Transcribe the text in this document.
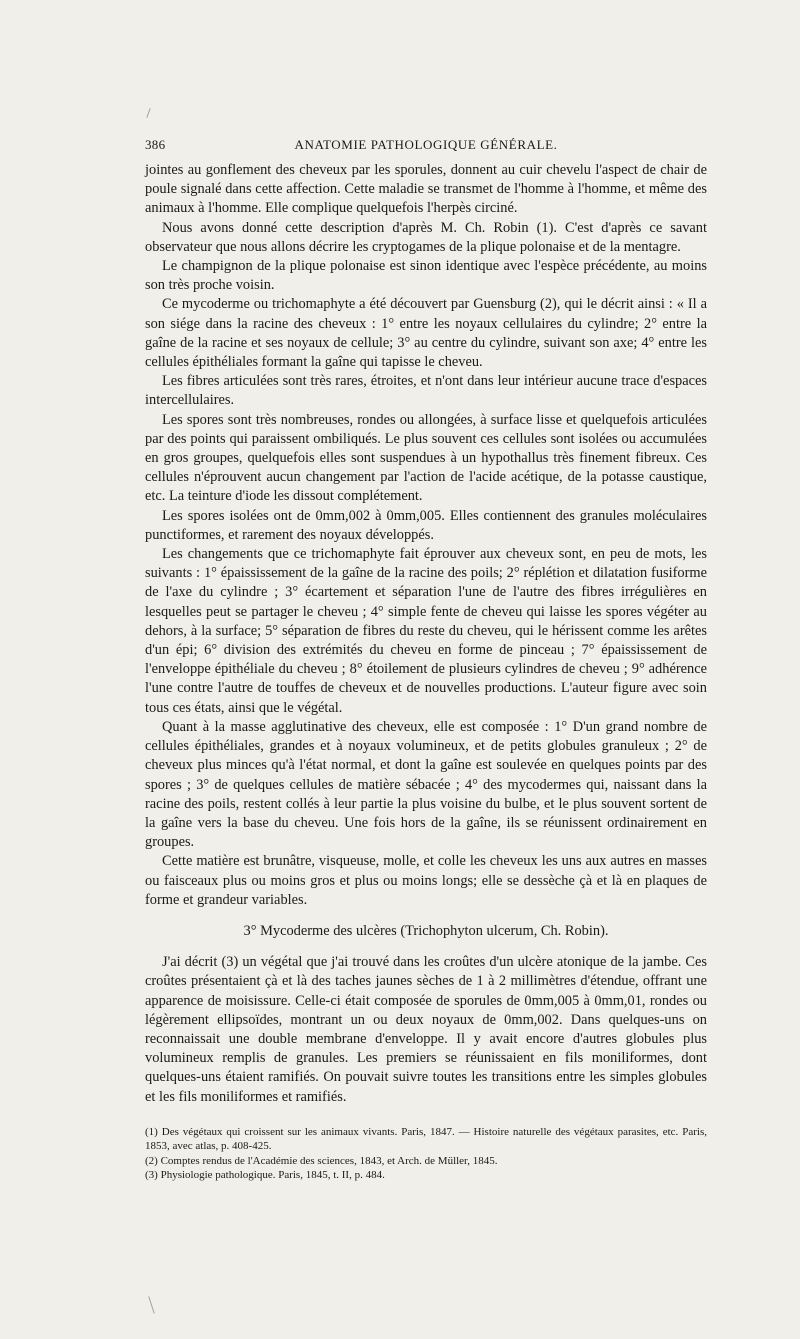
386	ANATOMIE PATHOLOGIQUE GÉNÉRALE.

jointes au gonflement des cheveux par les sporules, donnent au cuir chevelu l'aspect de chair de poule signalé dans cette affection. Cette maladie se transmet de l'homme à l'homme, et même des animaux à l'homme. Elle complique quelquefois l'herpès circiné.

Nous avons donné cette description d'après M. Ch. Robin (1). C'est d'après ce savant observateur que nous allons décrire les cryptogames de la plique polonaise et de la mentagre.

Le champignon de la plique polonaise est sinon identique avec l'espèce précédente, au moins son très proche voisin.

Ce mycoderme ou trichomaphyte a été découvert par Guensburg (2), qui le décrit ainsi : « Il a son siége dans la racine des cheveux : 1° entre les noyaux cellulaires du cylindre; 2° entre la gaîne de la racine et ses noyaux de cellule; 3° au centre du cylindre, suivant son axe; 4° entre les cellules épithéliales formant la gaîne qui tapisse le cheveu.

Les fibres articulées sont très rares, étroites, et n'ont dans leur intérieur aucune trace d'espaces intercellulaires.

Les spores sont très nombreuses, rondes ou allongées, à surface lisse et quelquefois articulées par des points qui paraissent ombiliqués. Le plus souvent ces cellules sont isolées ou accumulées en gros groupes, quelquefois elles sont suspendues à un hypothallus très finement fibreux. Ces cellules n'éprouvent aucun changement par l'action de l'acide acétique, de la potasse caustique, etc. La teinture d'iode les dissout complétement.

Les spores isolées ont de 0mm,002 à 0mm,005. Elles contiennent des granules moléculaires punctiformes, et rarement des noyaux développés.

Les changements que ce trichomaphyte fait éprouver aux cheveux sont, en peu de mots, les suivants : 1° épaississement de la gaîne de la racine des poils; 2° réplétion et dilatation fusiforme de l'axe du cylindre ; 3° écartement et séparation l'une de l'autre des fibres irrégulières en lesquelles peut se partager le cheveu ; 4° simple fente de cheveu qui laisse les spores végéter au dehors, à la surface; 5° séparation de fibres du reste du cheveu, qui le hérissent comme les arêtes d'un épi; 6° division des extrémités du cheveu en forme de pinceau ; 7° épaississement de l'enveloppe épithéliale du cheveu ; 8° étoilement de plusieurs cylindres de cheveu ; 9° adhérence l'une contre l'autre de touffes de cheveux et de nouvelles productions. L'auteur figure avec soin tous ces états, ainsi que le végétal.

Quant à la masse agglutinative des cheveux, elle est composée : 1° D'un grand nombre de cellules épithéliales, grandes et à noyaux volumineux, et de petits globules granuleux ; 2° de cheveux plus minces qu'à l'état normal, et dont la gaîne est soulevée en quelques points par des spores ; 3° de quelques cellules de matière sébacée ; 4° des mycodermes qui, naissant dans la racine des poils, restent collés à leur partie la plus voisine du bulbe, et le plus souvent sortent de la gaîne vers la base du cheveu. Une fois hors de la gaîne, ils se réunissent ordinairement en groupes.

Cette matière est brunâtre, visqueuse, molle, et colle les cheveux les uns aux autres en masses ou faisceaux plus ou moins gros et plus ou moins longs; elle se dessèche çà et là en plaques de forme et grandeur variables.

3° Mycoderme des ulcères (Trichophyton ulcerum, Ch. Robin).

J'ai décrit (3) un végétal que j'ai trouvé dans les croûtes d'un ulcère atonique de la jambe. Ces croûtes présentaient çà et là des taches jaunes sèches de 1 à 2 millimètres d'étendue, offrant une apparence de moisissure. Celle-ci était composée de sporules de 0mm,005 à 0mm,01, rondes ou légèrement ellipsoïdes, montrant un ou deux noyaux de 0mm,002. Dans quelques-uns on reconnaissait une double membrane d'enveloppe. Il y avait encore d'autres globules plus volumineux remplis de granules. Les premiers se réunissaient en fils moniliformes, dont quelques-uns étaient ramifiés. On pouvait suivre toutes les transitions entre les simples globules et les fils moniliformes et ramifiés.

(1) Des végétaux qui croissent sur les animaux vivants. Paris, 1847. — Histoire naturelle des végétaux parasites, etc. Paris, 1853, avec atlas, p. 408-425.

(2) Comptes rendus de l'Académie des sciences, 1843, et Arch. de Müller, 1845.

(3) Physiologie pathologique. Paris, 1845, t. II, p. 484.
